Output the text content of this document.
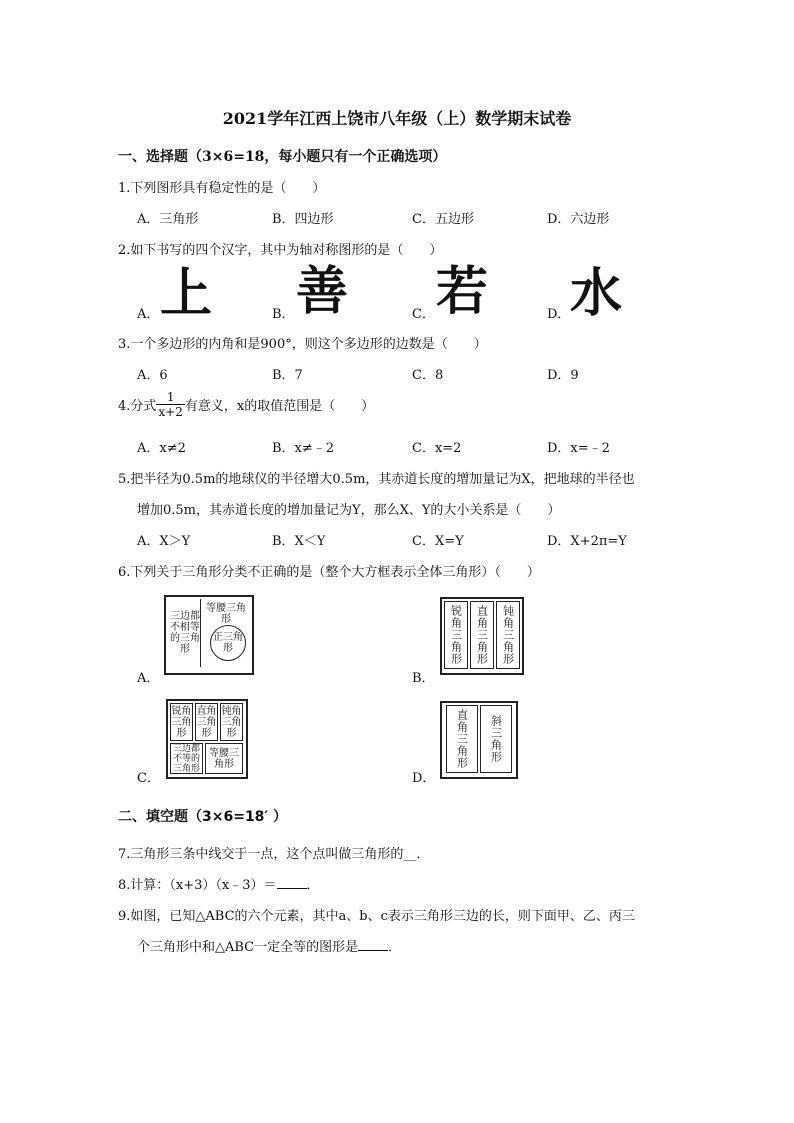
2021学年江西上饶市八年级（上）数学期末试卷
一、选择题（3×6=18，每小题只有一个正确选项）
1.下列图形具有稳定性的是（　　）
A．三角形	B．四边形	C．五边形	D．六边形
2.如下书写的四个汉字，其中为轴对称图形的是（　　）
A． 上	B． 善	C． 若	D． 水
3.一个多边形的内角和是900°，则这个多边形的边数是（　　）
A．6	B．7	C．8	D．9
4.分式 $\frac{1}{x+2}$ 有意义，x的取值范围是（　　）
A．x≠2	B．x≠﹣2	C．x=2	D．x=﹣2
5.把半径为0.5m的地球仪的半径增大0.5m，其赤道长度的增加量记为X，把地球的半径也
增加0.5m，其赤道长度的增加量记为Y，那么X、Y的大小关系是（　　）
A．X＞Y	B．X＜Y	C．X=Y	D．X+2π=Y
6.下列关于三角形分类不正确的是（整个大方框表示全体三角形）（　　）
A．
三边都不相等的三角形
等腰三角形
正三角形
B．
锐角三角形 直角三角形 钝角三角形
C．
锐角三角形
直角三角形
钝角三角形
三边都不等的三角形
等腰三角形
D．
直角三角形 斜三角形
二、填空题（3×6=18′ ）
7.三角形三条中线交于一点，这个点叫做三角形的__．
8.计算：（x+3）（x﹣3）＝ ．
9.如图，已知△ABC的六个元素，其中a、b、c表示三角形三边的长，则下面甲、乙、丙三
个三角形中和△ABC一定全等的图形是 ．
